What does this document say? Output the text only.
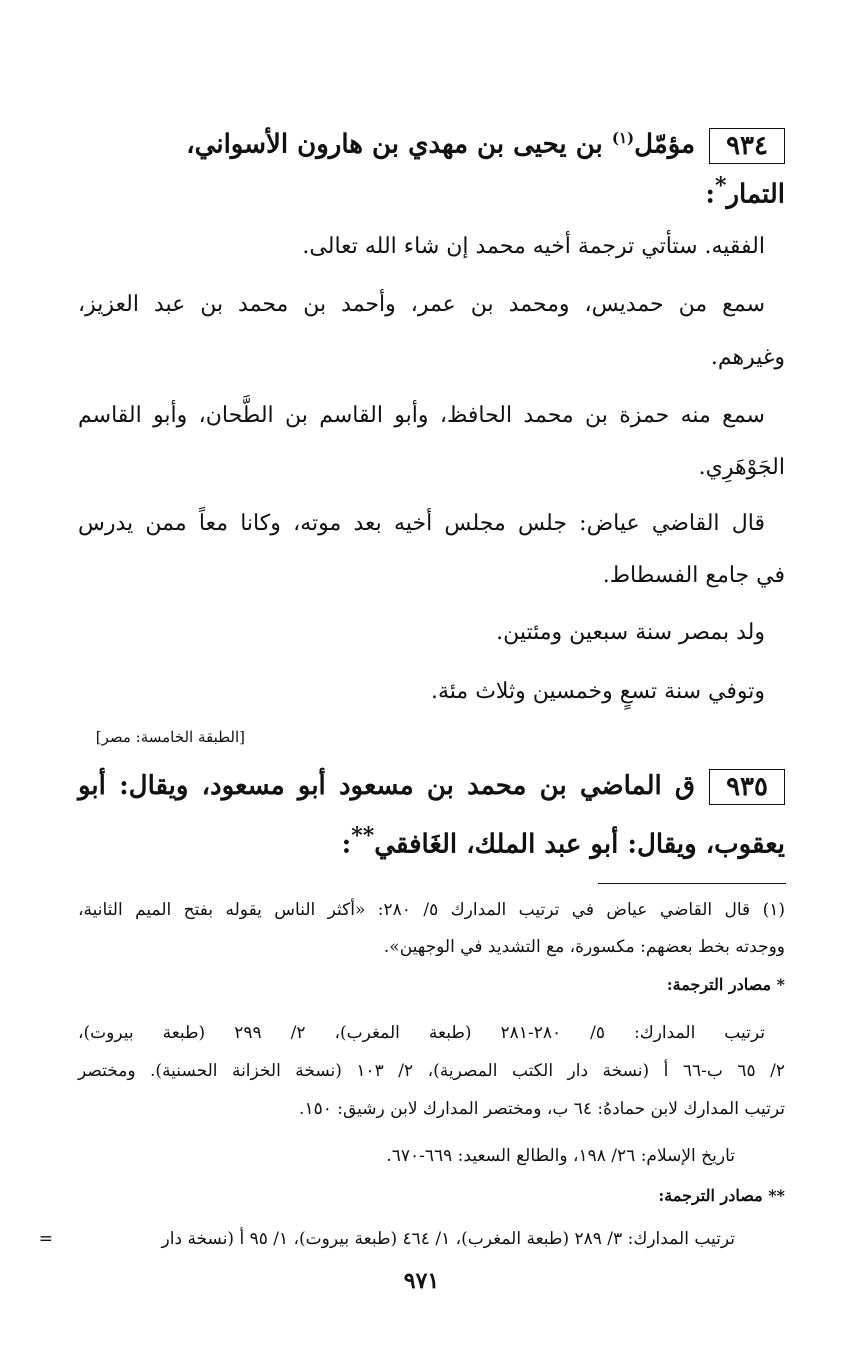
٩٣٤مؤمّل$^{(١)}$ بن يحيى بن مهدي بن هارون الأسواني،
التمار*:
الفقيه. ستأتي ترجمة أخيه محمد إن شاء الله تعالى.
سمع من حمديس، ومحمد بن عمر، وأحمد بن محمد بن عبد العزيز،
وغيرهم.
سمع منه حمزة بن محمد الحافظ، وأبو القاسم بن الطَّحان، وأبو القاسم
الجَوْهَرِي.
قال القاضي عياض: جلس مجلس أخيه بعد موته، وكانا معاً ممن يدرس
في جامع الفسطاط.
ولد بمصر سنة سبعين ومئتين.
وتوفي سنة تسعٍ وخمسين وثلاث مئة.
[الطبقة الخامسة: مصر]
٩٣٥ق الماضي بن محمد بن مسعود أبو مسعود، ويقال: أبو
يعقوب، ويقال: أبو عبد الملك، الغَافقي**:
(١) قال القاضي عياض في ترتيب المدارك ٥/ ٢٨٠: «أكثر الناس يقوله بفتح الميم الثانية،
ووجدته بخط بعضهم: مكسورة، مع التشديد في الوجهين».
* مصادر الترجمة:
ترتيب المدارك: ٥/ ٢٨٠-٢٨١ (طبعة المغرب)، ٢/ ٢٩٩ (طبعة بيروت)،
٢/ ٦٥ ب-٦٦ أ (نسخة دار الكتب المصرية)، ٢/ ١٠٣ (نسخة الخزانة الحسنية). ومختصر
ترتيب المدارك لابن حمادهُ: ٦٤ ب، ومختصر المدارك لابن رشيق: ١٥٠.
تاريخ الإسلام: ٢٦/ ١٩٨، والطالع السعيد: ٦٦٩-٦٧٠.
** مصادر الترجمة:
ترتيب المدارك: ٣/ ٢٨٩ (طبعة المغرب)، ١/ ٤٦٤ (طبعة بيروت)، ١/ ٩٥ أ (نسخة دار
=
٩٧١
